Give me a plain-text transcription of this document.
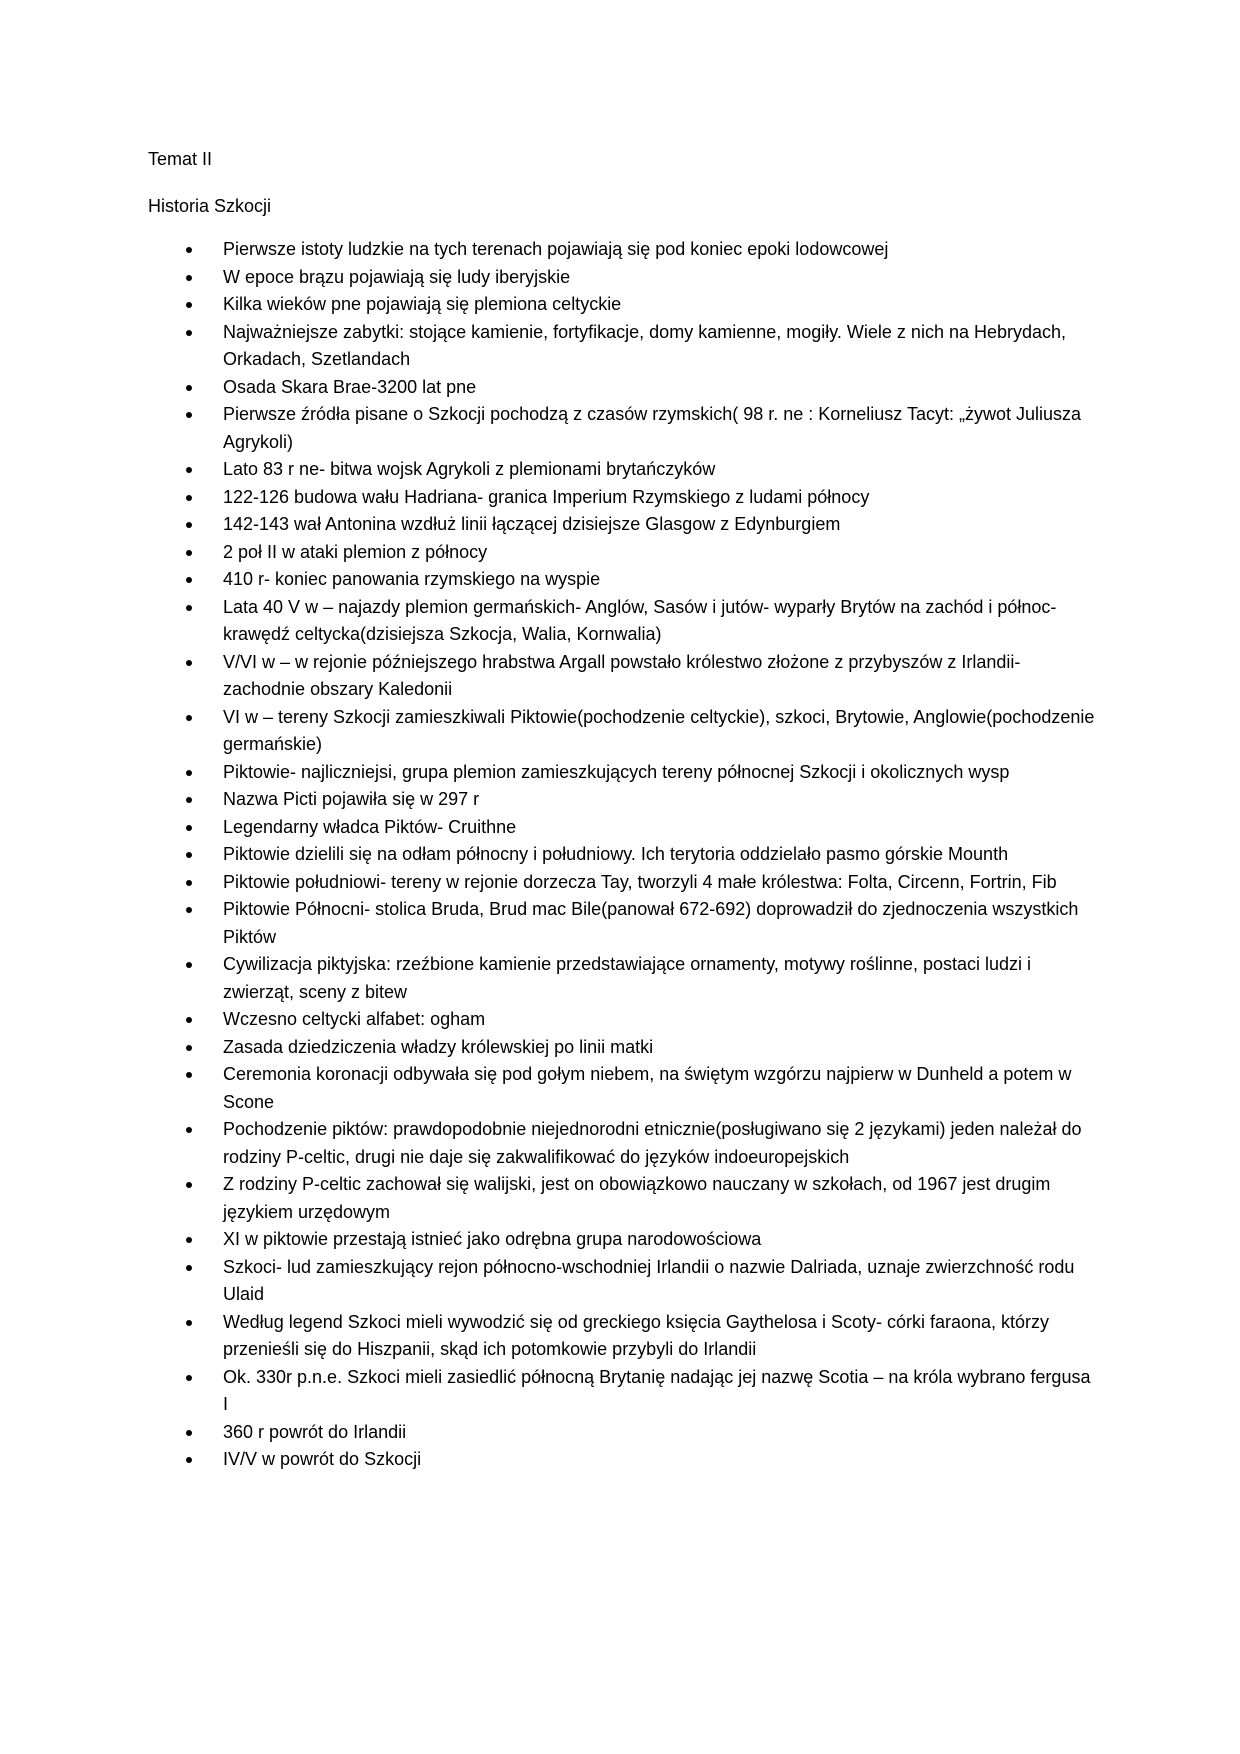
Temat II

Historia Szkocji

Pierwsze istoty ludzkie na tych terenach pojawiają się pod koniec epoki lodowcowej
W epoce brązu pojawiają się ludy iberyjskie
Kilka wieków pne pojawiają się plemiona celtyckie
Najważniejsze zabytki: stojące kamienie, fortyfikacje, domy kamienne, mogiły. Wiele z nich na Hebrydach, Orkadach, Szetlandach
Osada Skara Brae-3200 lat pne
Pierwsze źródła pisane o Szkocji pochodzą z czasów rzymskich( 98 r. ne : Korneliusz Tacyt: „żywot Juliusza Agrykoli)
Lato 83 r ne- bitwa wojsk Agrykoli z plemionami brytańczyków
122-126 budowa wału Hadriana- granica Imperium Rzymskiego z ludami północy
142-143 wał Antonina wzdłuż linii łączącej dzisiejsze Glasgow z Edynburgiem
2 poł II w ataki plemion z północy
410 r- koniec panowania rzymskiego na wyspie
Lata 40 V w – najazdy plemion germańskich- Anglów, Sasów i jutów- wyparły Brytów na zachód i północ- krawędź celtycka(dzisiejsza Szkocja, Walia, Kornwalia)
V/VI w – w rejonie późniejszego hrabstwa Argall powstało królestwo złożone z przybyszów z Irlandii- zachodnie obszary Kaledonii
VI w – tereny Szkocji zamieszkiwali Piktowie(pochodzenie celtyckie), szkoci, Brytowie, Anglowie(pochodzenie germańskie)
Piktowie- najliczniejsi, grupa plemion zamieszkujących tereny północnej Szkocji i okolicznych wysp
Nazwa Picti pojawiła się w 297 r
Legendarny władca Piktów- Cruithne
Piktowie dzielili się na odłam północny i południowy. Ich terytoria oddzielało pasmo górskie Mounth
Piktowie południowi- tereny w rejonie dorzecza Tay, tworzyli 4 małe królestwa: Folta, Circenn, Fortrin, Fib
Piktowie Północni- stolica Bruda, Brud mac Bile(panował 672-692) doprowadził do zjednoczenia wszystkich Piktów
Cywilizacja piktyjska: rzeźbione kamienie przedstawiające ornamenty, motywy roślinne, postaci ludzi i zwierząt, sceny z bitew
Wczesno celtycki alfabet: ogham
Zasada dziedziczenia władzy królewskiej po linii matki
Ceremonia koronacji odbywała się pod gołym niebem, na świętym wzgórzu najpierw w Dunheld a potem w Scone
Pochodzenie piktów: prawdopodobnie niejednorodni etnicznie(posługiwano się 2 językami) jeden należał do rodziny P-celtic, drugi nie daje się zakwalifikować do języków indoeuropejskich
Z rodziny P-celtic zachował się walijski, jest on obowiązkowo nauczany w szkołach, od 1967 jest drugim językiem urzędowym
XI w piktowie przestają istnieć jako odrębna grupa narodowościowa
Szkoci- lud zamieszkujący rejon północno-wschodniej Irlandii o nazwie Dalriada, uznaje zwierzchność rodu Ulaid
Według legend Szkoci mieli wywodzić się od greckiego księcia Gaythelosa i Scoty- córki faraona, którzy przenieśli się do Hiszpanii, skąd ich potomkowie przybyli do Irlandii
Ok. 330r p.n.e. Szkoci mieli zasiedlić północną Brytanię nadając jej nazwę Scotia – na króla wybrano fergusa I
360 r powrót do Irlandii
IV/V w powrót do Szkocji
